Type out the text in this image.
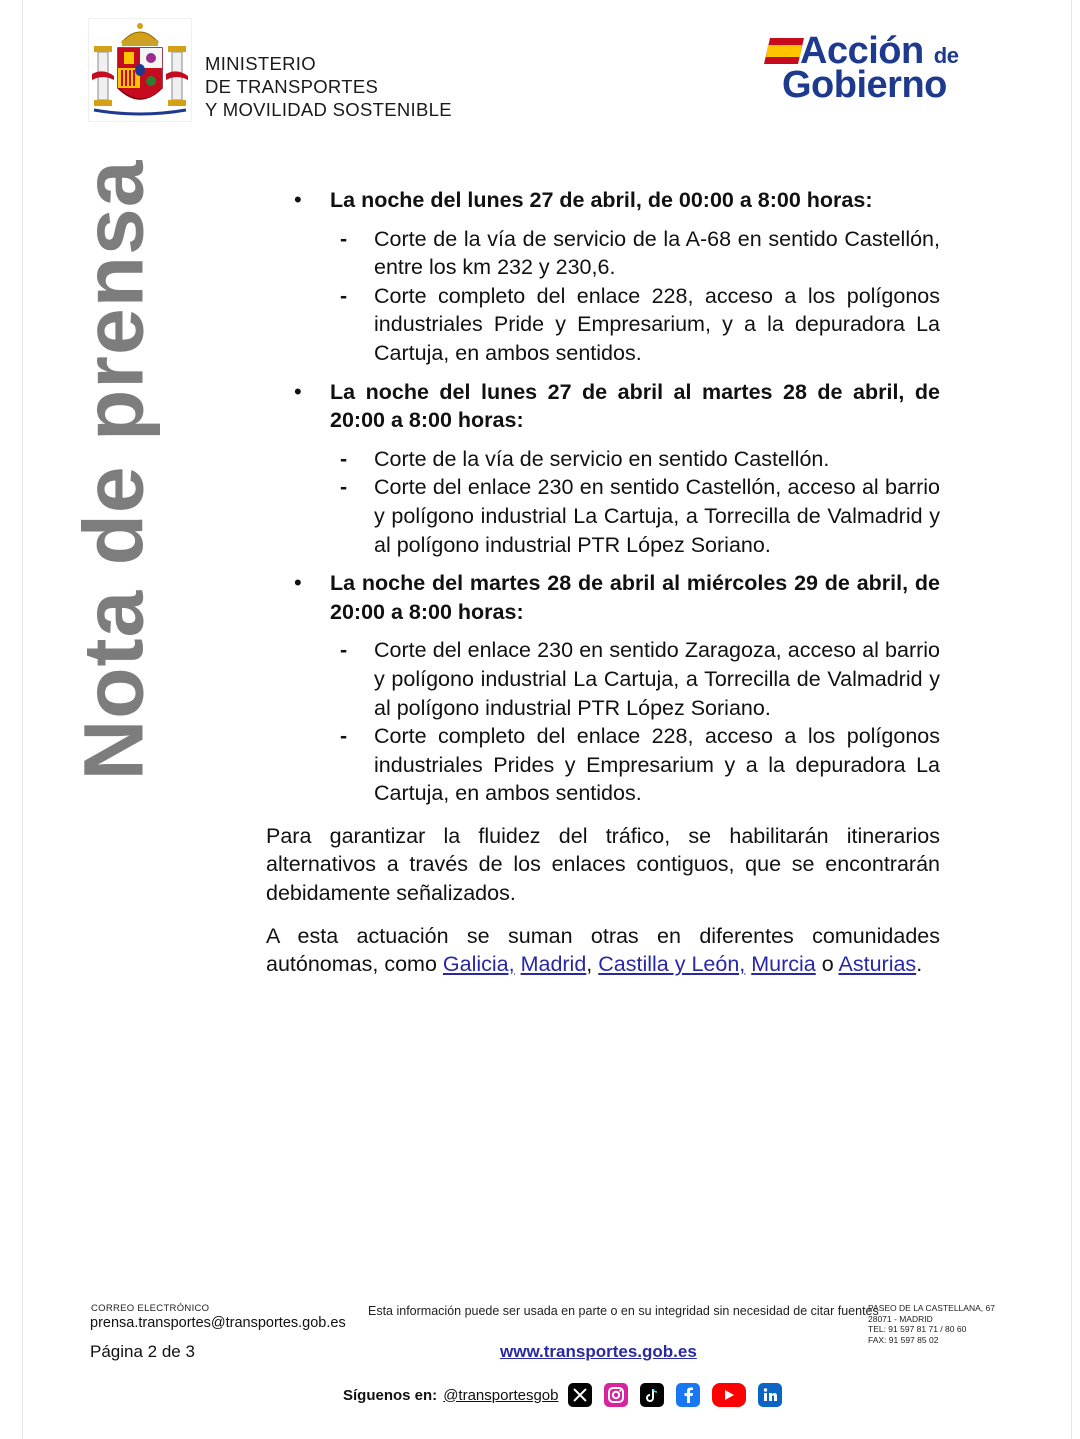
MINISTERIO
DE TRANSPORTES
Y MOVILIDAD SOSTENIBLE
Acción de
Gobierno
Nota de prensa	• La noche del lunes 27 de abril, de 00:00 a 8:00 horas:
- Corte de la vía de servicio de la A-68 en sentido Castellón, entre los km 232 y 230,6.
- Corte completo del enlace 228, acceso a los polígonos industriales Pride y Empresarium, y a la depuradora La Cartuja, en ambos sentidos.
• La noche del lunes 27 de abril al martes 28 de abril, de 20:00 a 8:00 horas:
- Corte de la vía de servicio en sentido Castellón.
- Corte del enlace 230 en sentido Castellón, acceso al barrio y polígono industrial La Cartuja, a Torrecilla de Valmadrid y al polígono industrial PTR López Soriano.
• La noche del martes 28 de abril al miércoles 29 de abril, de 20:00 a 8:00 horas:
- Corte del enlace 230 en sentido Zaragoza, acceso al barrio y polígono industrial La Cartuja, a Torrecilla de Valmadrid y al polígono industrial PTR López Soriano.
- Corte completo del enlace 228, acceso a los polígonos industriales Prides y Empresarium y a la depuradora La Cartuja, en ambos sentidos.
Para garantizar la fluidez del tráfico, se habilitarán itinerarios alternativos a través de los enlaces contiguos, que se encontrarán debidamente señalizados.
A esta actuación se suman otras en diferentes comunidades autónomas, como Galicia, Madrid, Castilla y León, Murcia o Asturias.
CORREO ELECTRÓNICO
prensa.transportes@transportes.gob.es
Esta información puede ser usada en parte o en su integridad sin necesidad de citar fuentes
PASEO DE LA CASTELLANA, 67
28071 - MADRID
TEL: 91 597 81 71 / 80 60
FAX: 91 597 85 02
Página 2 de 3	www.transportes.gob.es
Síguenos en: @transportesgob
